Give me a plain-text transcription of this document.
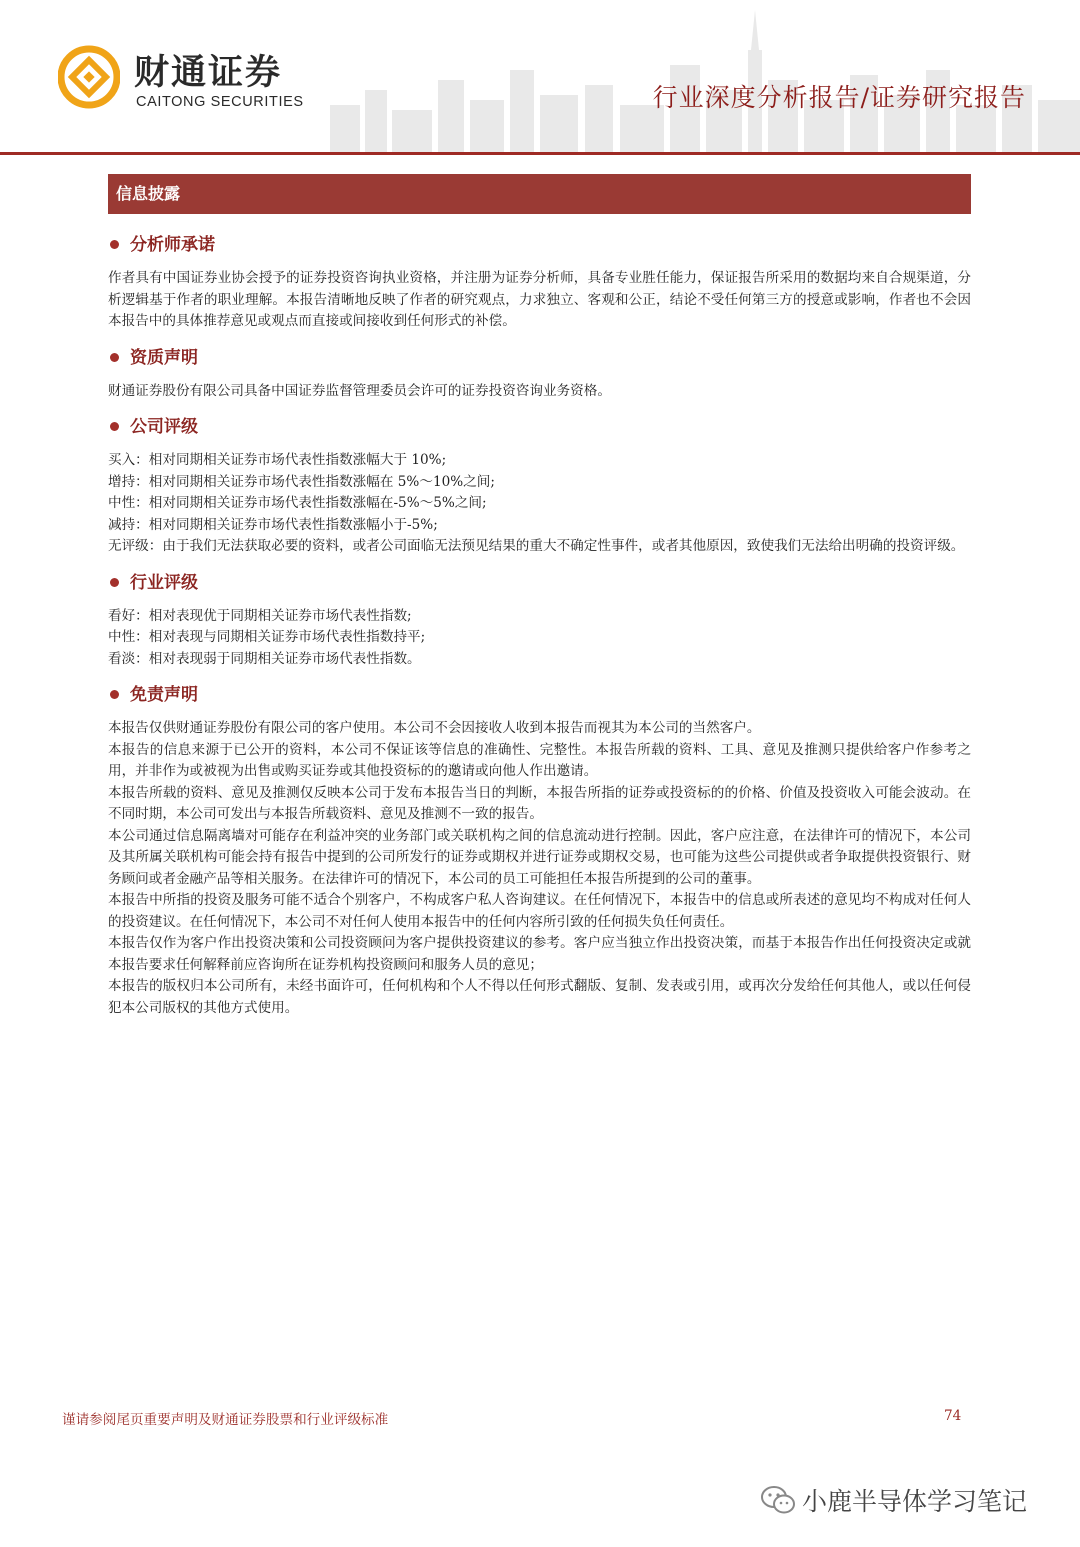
财通证券
CAITONG SECURITIES	行业深度分析报告/证券研究报告
信息披露
分析师承诺

作者具有中国证券业协会授予的证券投资咨询执业资格，并注册为证券分析师，具备专业胜任能力，保证报告所采用的数据均来自合规渠道，分析逻辑基于作者的职业理解。本报告清晰地反映了作者的研究观点，力求独立、客观和公正，结论不受任何第三方的授意或影响，作者也不会因本报告中的具体推荐意见或观点而直接或间接收到任何形式的补偿。

资质声明

财通证券股份有限公司具备中国证券监督管理委员会许可的证券投资咨询业务资格。

公司评级
买入：相对同期相关证券市场代表性指数涨幅大于 10%;
增持：相对同期相关证券市场代表性指数涨幅在 5%～10%之间;
中性：相对同期相关证券市场代表性指数涨幅在-5%～5%之间;
减持：相对同期相关证券市场代表性指数涨幅小于-5%;

无评级：由于我们无法获取必要的资料，或者公司面临无法预见结果的重大不确定性事件，或者其他原因，致使我们无法给出明确的投资评级。

行业评级
看好：相对表现优于同期相关证券市场代表性指数;
中性：相对表现与同期相关证券市场代表性指数持平;
看淡：相对表现弱于同期相关证券市场代表性指数。
免责声明

本报告仅供财通证券股份有限公司的客户使用。本公司不会因接收人收到本报告而视其为本公司的当然客户。

本报告的信息来源于已公开的资料，本公司不保证该等信息的准确性、完整性。本报告所载的资料、工具、意见及推测只提供给客户作参考之用，并非作为或被视为出售或购买证券或其他投资标的的邀请或向他人作出邀请。

本报告所载的资料、意见及推测仅反映本公司于发布本报告当日的判断，本报告所指的证券或投资标的的价格、价值及投资收入可能会波动。在不同时期，本公司可发出与本报告所载资料、意见及推测不一致的报告。

本公司通过信息隔离墙对可能存在利益冲突的业务部门或关联机构之间的信息流动进行控制。因此，客户应注意，在法律许可的情况下，本公司及其所属关联机构可能会持有报告中提到的公司所发行的证券或期权并进行证券或期权交易，也可能为这些公司提供或者争取提供投资银行、财务顾问或者金融产品等相关服务。在法律许可的情况下，本公司的员工可能担任本报告所提到的公司的董事。

本报告中所指的投资及服务可能不适合个别客户，不构成客户私人咨询建议。在任何情况下，本报告中的信息或所表述的意见均不构成对任何人的投资建议。在任何情况下，本公司不对任何人使用本报告中的任何内容所引致的任何损失负任何责任。

本报告仅作为客户作出投资决策和公司投资顾问为客户提供投资建议的参考。客户应当独立作出投资决策，而基于本报告作出任何投资决定或就本报告要求任何解释前应咨询所在证券机构投资顾问和服务人员的意见；

本报告的版权归本公司所有，未经书面许可，任何机构和个人不得以任何形式翻版、复制、发表或引用，或再次分发给任何其他人，或以任何侵犯本公司版权的其他方式使用。

谨请参阅尾页重要声明及财通证券股票和行业评级标准	74
小鹿半导体学习笔记
